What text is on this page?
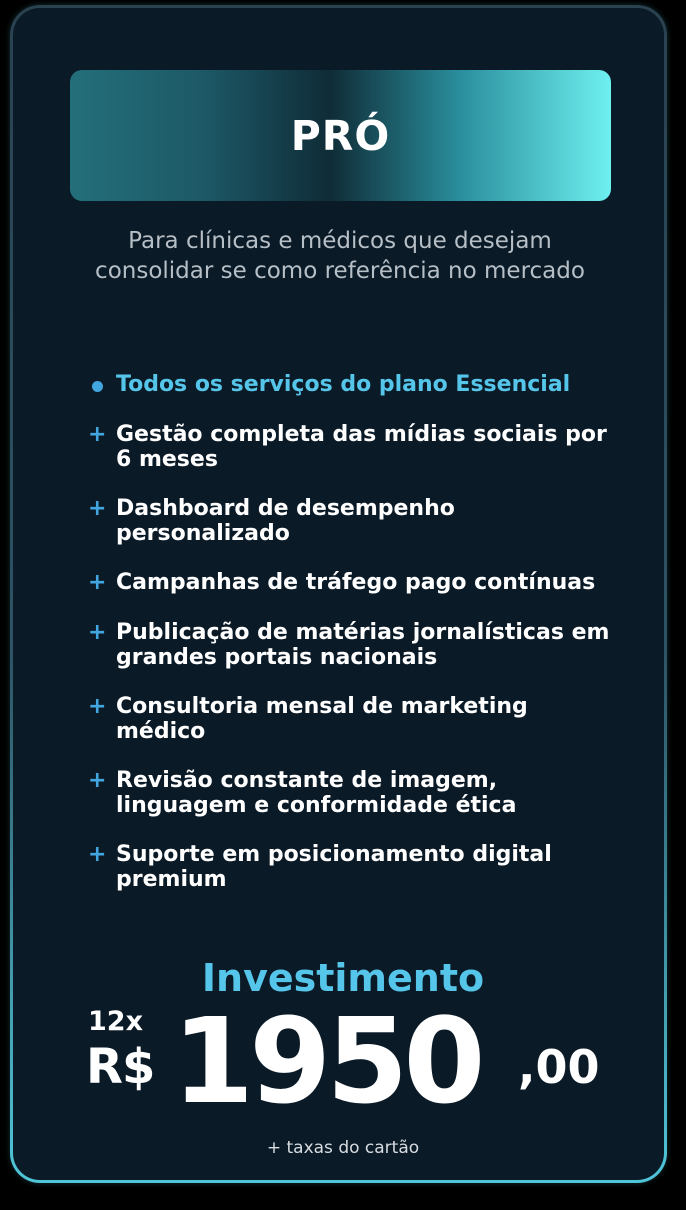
PRÓ
Para clínicas e médicos que desejam consolidar se como referência no mercado
Todos os serviços do plano Essencial
+ Gestão completa das mídias sociais por 6 meses
+ Dashboard de desempenho personalizado
+ Campanhas de tráfego pago contínuas
+ Publicação de matérias jornalísticas em grandes portais nacionais
+ Consultoria mensal de marketing médico
+ Revisão constante de imagem, linguagem e conformidade ética
+ Suporte em posicionamento digital premium
Investimento
12x
R$ 1950 ,00
+ taxas do cartão
